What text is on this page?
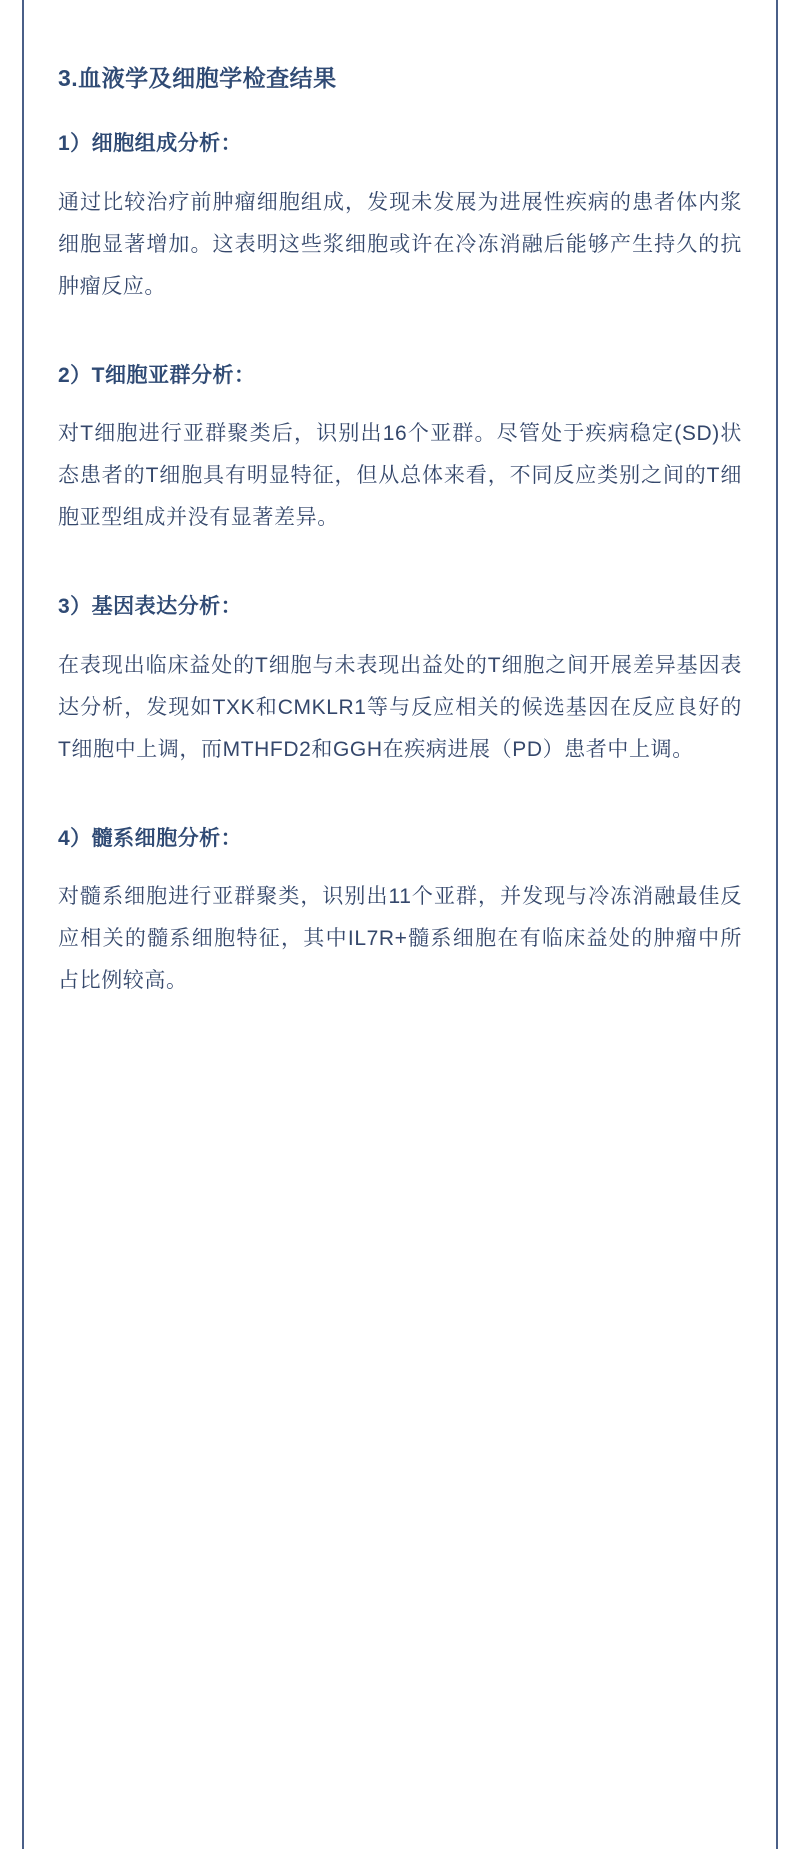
3.血液学及细胞学检查结果
1）细胞组成分析：

通过比较治疗前肿瘤细胞组成，发现未发展为进展性疾病的患者体内浆细胞显著增加。这表明这些浆细胞或许在冷冻消融后能够产生持久的抗肿瘤反应。

2）T细胞亚群分析：

对T细胞进行亚群聚类后，识别出16个亚群。尽管处于疾病稳定(SD)状态患者的T细胞具有明显特征，但从总体来看，不同反应类别之间的T细胞亚型组成并没有显著差异。

3）基因表达分析：

在表现出临床益处的T细胞与未表现出益处的T细胞之间开展差异基因表达分析，发现如TXK和CMKLR1等与反应相关的候选基因在反应良好的T细胞中上调，而MTHFD2和GGH在疾病进展（PD）患者中上调。

4）髓系细胞分析：

对髓系细胞进行亚群聚类，识别出11个亚群，并发现与冷冻消融最佳反应相关的髓系细胞特征，其中IL7R+髓系细胞在有临床益处的肿瘤中所占比例较高。
